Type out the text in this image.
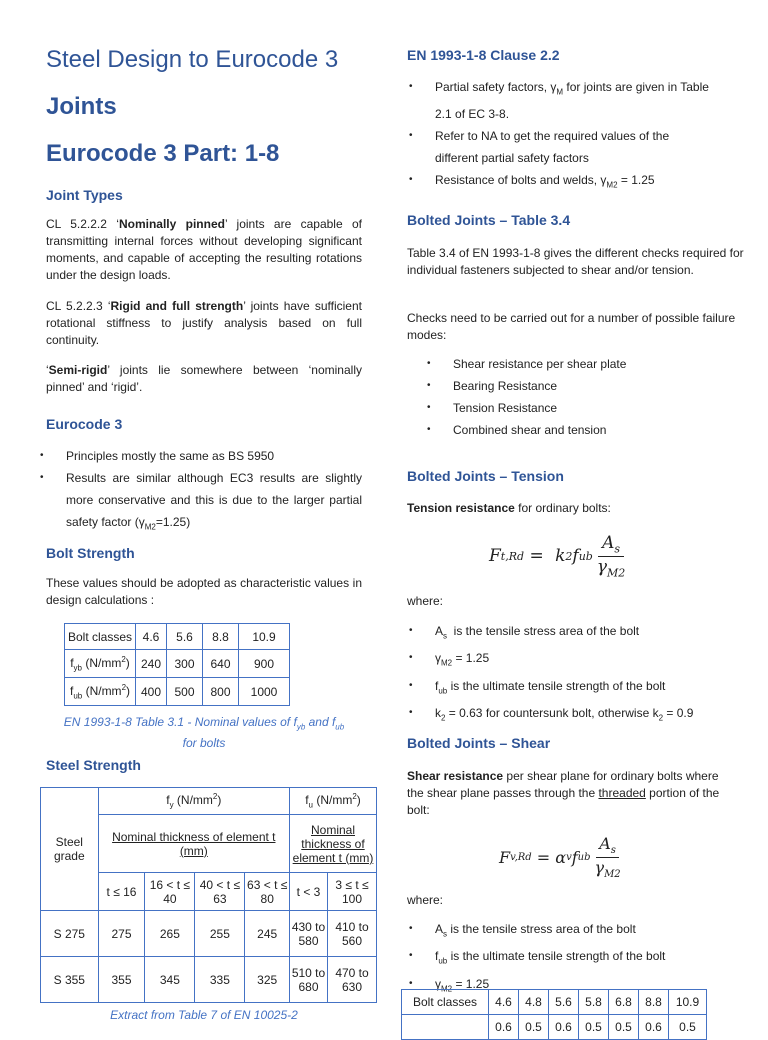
Steel Design to Eurocode 3
Joints
Eurocode 3 Part: 1-8
Joint Types

CL 5.2.2.2 ‘Nominally pinned’ joints are capable of transmitting internal forces without developing significant moments, and capable of accepting the resulting rotations under the design loads.

CL 5.2.2.3 ‘Rigid and full strength’ joints have sufficient rotational stiffness to justify analysis based on full continuity.

‘Semi-rigid’ joints lie somewhere between ‘nominally pinned’ and ‘rigid’.

Eurocode 3
• Principles mostly the same as BS 5950
• Results are similar although EC3 results are slightly more conservative and this is due to the larger partial safety factor $(\gamma_{M2}=1.25)$
Bolt Strength

These values should be adopted as characteristic values in design calculations :

Bolt classes	4.6	5.6	8.8	10.9
$f_{yb}$ $(N/mm^2)$	240	300	640	900
$f_{ub}$ $(N/mm^2)$	400	500	800	1000
EN 1993-1-8 Table 3.1 - Nominal values of $f_{yb}$ and $f_{ub}$
for bolts
Steel Strength
Steel grade	$f_y$ $(N/mm^2)$				$f_u$ $(N/mm^2)$	
	Nominal thickness of element t (mm)				Nominal thickness of element t (mm)	
	t ≤ 16	16 < t ≤ 40	40 < t ≤ 63	63 < t ≤ 80	t < 3	3 ≤ t ≤ 100
S 275	275	265	255	245	430 to 580	410 to 560
S 355	355	345	335	325	510 to 680	470 to 630
Extract from Table 7 of EN 10025-2
EN 1993-1-8 Clause 2.2
• Partial safety factors, $\gamma_M$ for joints are given in Table 2.1 of EC 3-8.
• Refer to NA to get the required values of the different partial safety factors
• Resistance of bolts and welds, $\gamma_{M2} = 1.25$
Bolted Joints – Table 3.4

Table 3.4 of EN 1993-1-8 gives the different checks required for individual fasteners subjected to shear and/or tension.

Checks need to be carried out for a number of possible failure modes:

• Shear resistance per shear plate
• Bearing Resistance
• Tension Resistance
• Combined shear and tension
Bolted Joints – Tension

Tension resistance for ordinary bolts:

F t,Rd = k 2 f ub
$A_s$
$\gamma_{M2}$
where:
• $A_s$  is the tensile stress area of the bolt
• $\gamma_{M2} = 1.25$
• $f_{ub}$ is the ultimate tensile strength of the bolt
• $k_2 = 0.63$ for countersunk bolt, otherwise $k_2 = 0.9$
Bolted Joints – Shear

Shear resistance per shear plane for ordinary bolts where the shear plane passes through the threaded portion of the bolt:

F v,Rd = α v f ub
$A_s$
$\gamma_{M2}$
where:
• $A_s$ is the tensile stress area of the bolt
• $f_{ub}$ is the ultimate tensile strength of the bolt
• $\gamma_{M2} = 1.25$
Bolt classes	4.6	4.8	5.6	5.8	6.8	8.8	10.9
	0.6	0.5	0.6	0.5	0.5	0.6	0.5
